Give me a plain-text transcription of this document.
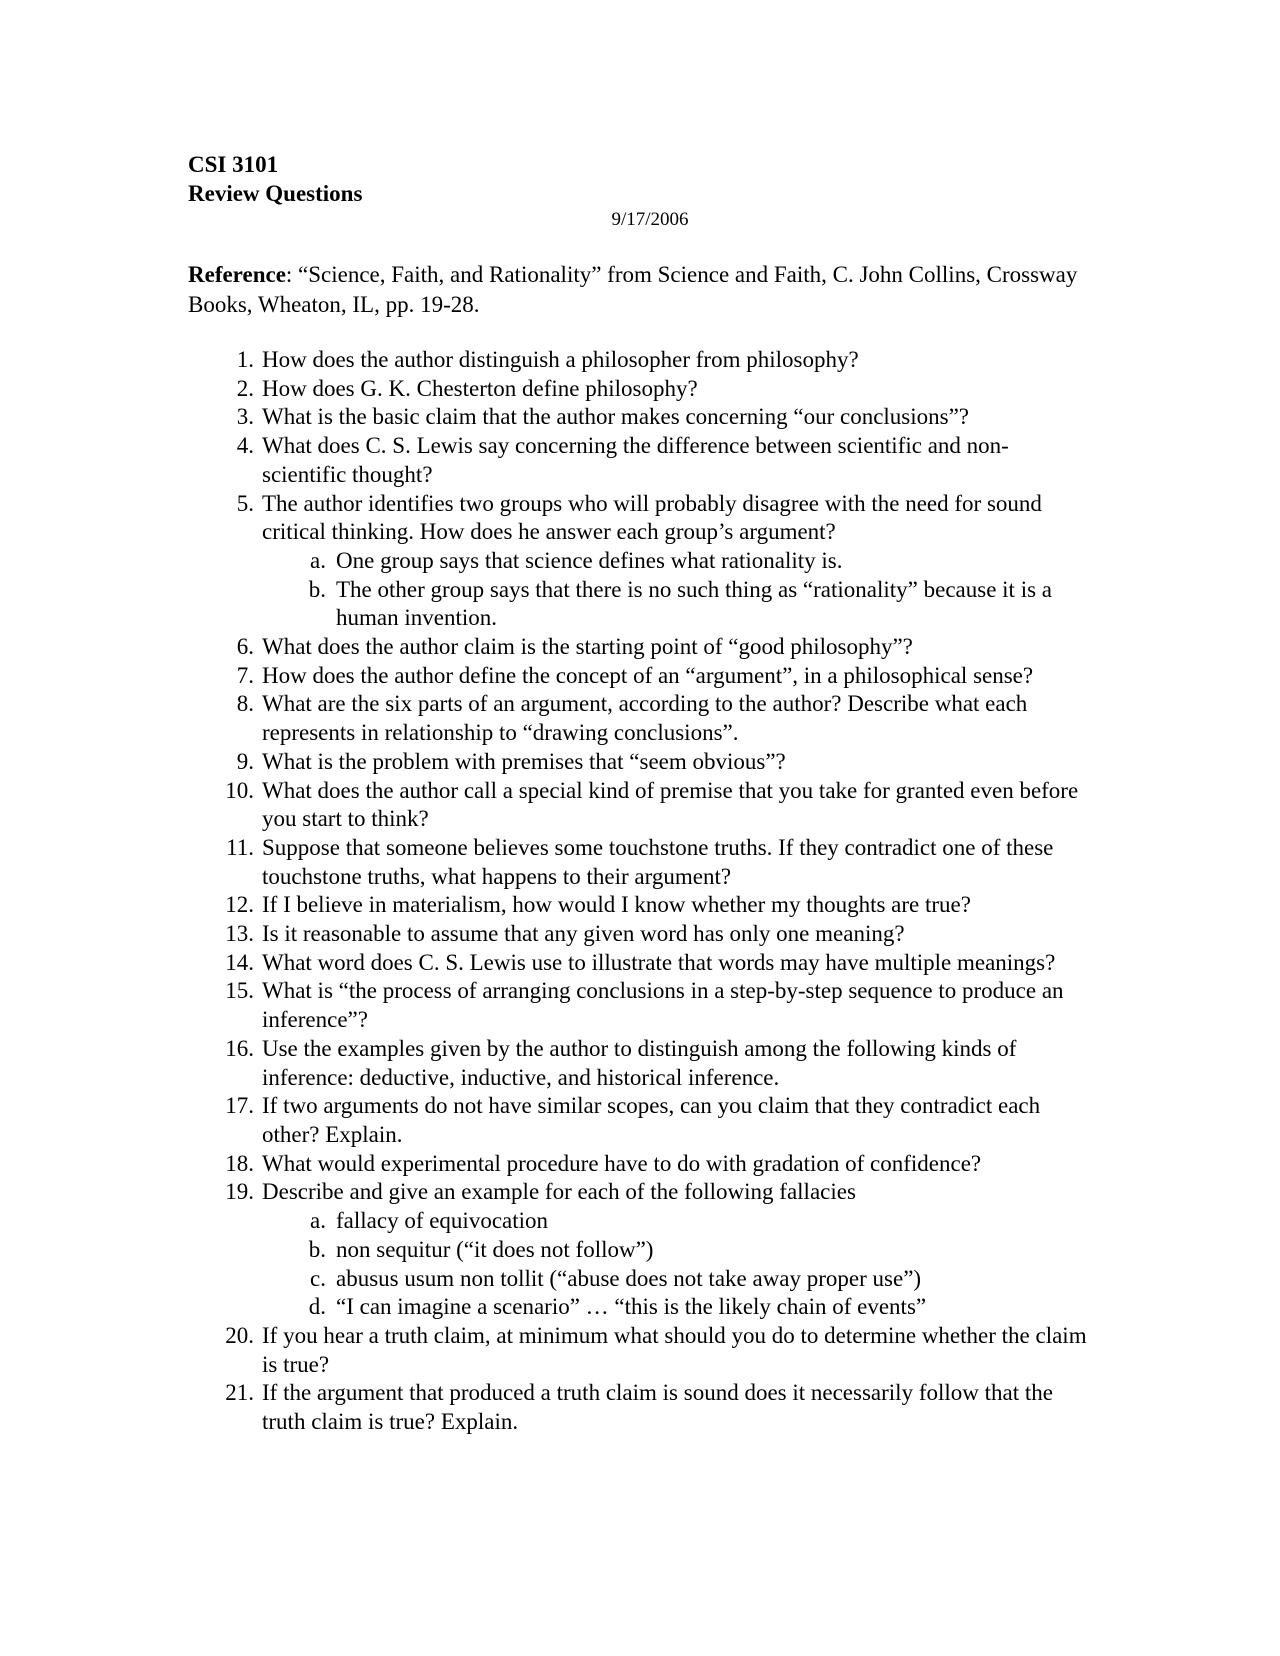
CSI 3101
Review Questions
9/17/2006
Reference: “Science, Faith, and Rationality” from Science and Faith, C. John Collins, Crossway Books, Wheaton, IL, pp. 19-28.
1. How does the author distinguish a philosopher from philosophy?
2. How does G. K. Chesterton define philosophy?
3. What is the basic claim that the author makes concerning “our conclusions”?
4. What does C. S. Lewis say concerning the difference between scientific and non-scientific thought?
5. The author identifies two groups who will probably disagree with the need for sound critical thinking. How does he answer each group’s argument?
a. One group says that science defines what rationality is.
b. The other group says that there is no such thing as “rationality” because it is a human invention.
6. What does the author claim is the starting point of “good philosophy”?
7. How does the author define the concept of an “argument”, in a philosophical sense?
8. What are the six parts of an argument, according to the author? Describe what each represents in relationship to “drawing conclusions”.
9. What is the problem with premises that “seem obvious”?
10. What does the author call a special kind of premise that you take for granted even before you start to think?
11. Suppose that someone believes some touchstone truths. If they contradict one of these touchstone truths, what happens to their argument?
12. If I believe in materialism, how would I know whether my thoughts are true?
13. Is it reasonable to assume that any given word has only one meaning?
14. What word does C. S. Lewis use to illustrate that words may have multiple meanings?
15. What is “the process of arranging conclusions in a step-by-step sequence to produce an inference”?
16. Use the examples given by the author to distinguish among the following kinds of inference: deductive, inductive, and historical inference.
17. If two arguments do not have similar scopes, can you claim that they contradict each other? Explain.
18. What would experimental procedure have to do with gradation of confidence?
19. Describe and give an example for each of the following fallacies
a. fallacy of equivocation
b. non sequitur (“it does not follow”)
c. abusus usum non tollit (“abuse does not take away proper use”)
d. “I can imagine a scenario” … “this is the likely chain of events”
20. If you hear a truth claim, at minimum what should you do to determine whether the claim is true?
21. If the argument that produced a truth claim is sound does it necessarily follow that the truth claim is true? Explain.
